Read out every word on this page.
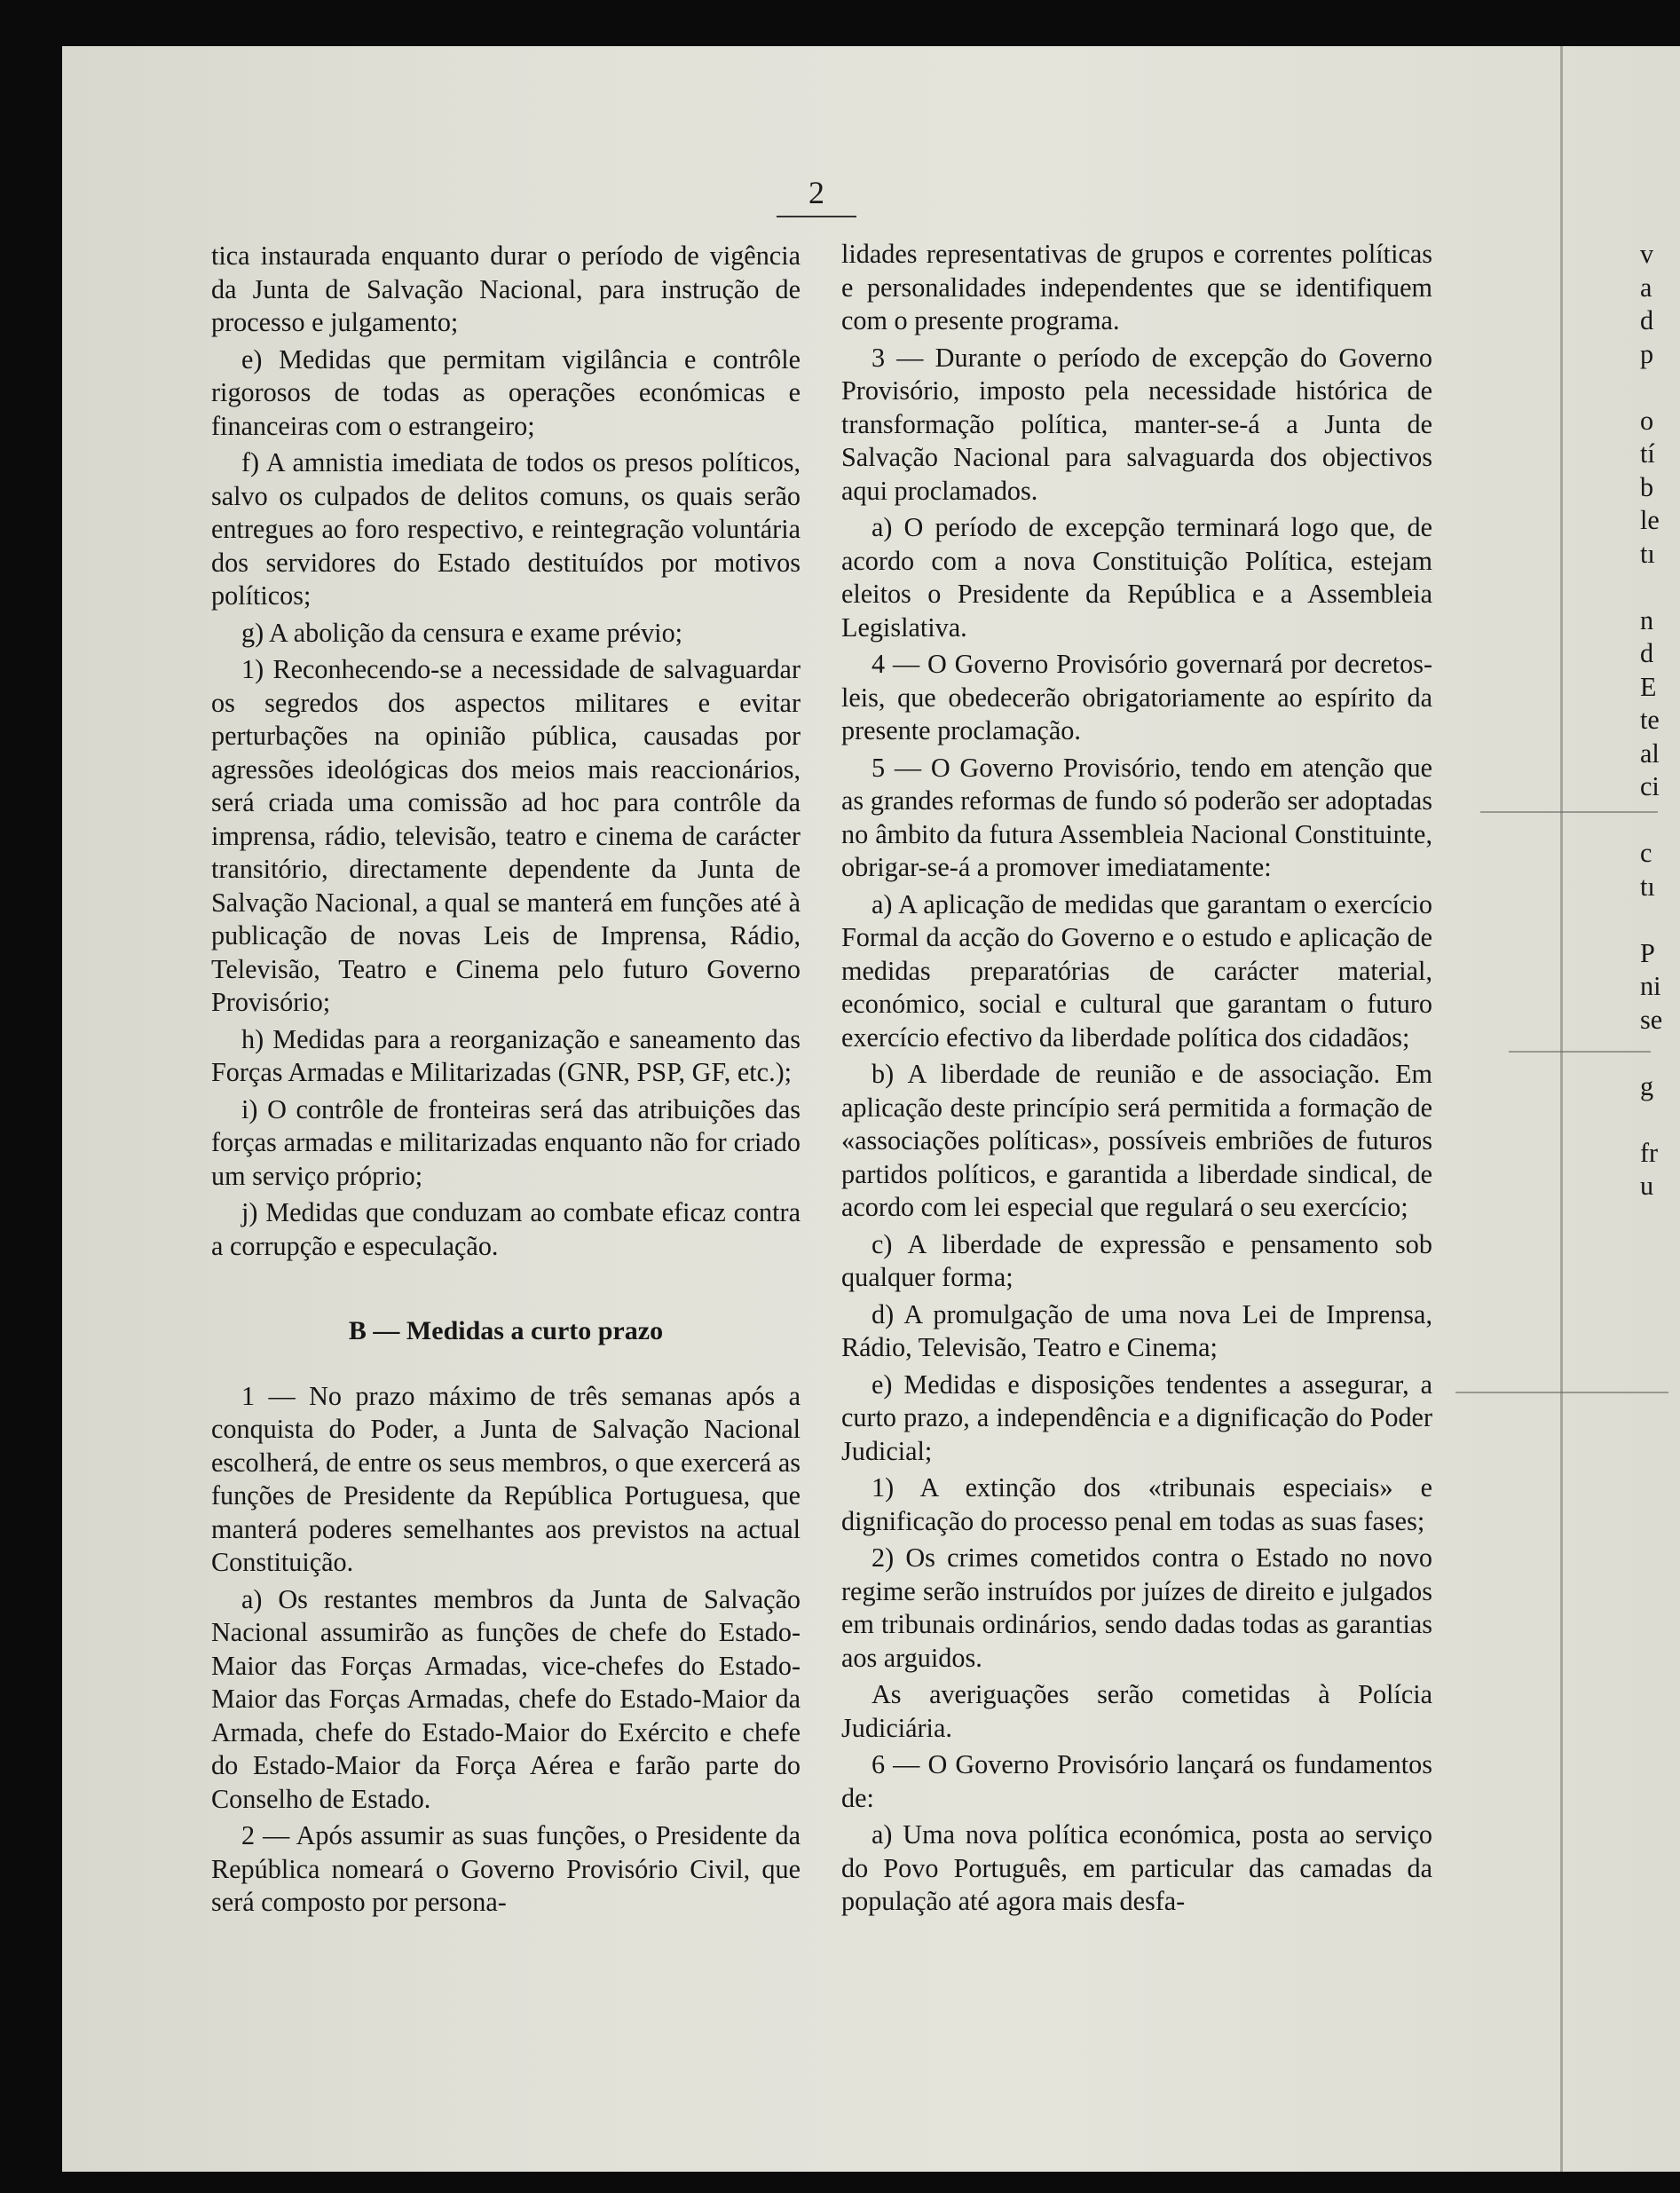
2

tica instaurada enquanto durar o período de vigência da Junta de Salvação Nacional, para instrução de processo e julgamento;

e) Medidas que permitam vigilância e contrôle rigorosos de todas as operações económicas e financeiras com o estrangeiro;

f) A amnistia imediata de todos os presos políticos, salvo os culpados de delitos comuns, os quais serão entregues ao foro respectivo, e reintegração voluntária dos servidores do Estado destituídos por motivos políticos;

g) A abolição da censura e exame prévio;

1) Reconhecendo-se a necessidade de salvaguardar os segredos dos aspectos militares e evitar perturbações na opinião pública, causadas por agressões ideológicas dos meios mais reaccionários, será criada uma comissão ad hoc para contrôle da imprensa, rádio, televisão, teatro e cinema de carácter transitório, directamente dependente da Junta de Salvação Nacional, a qual se manterá em funções até à publicação de novas Leis de Imprensa, Rádio, Televisão, Teatro e Cinema pelo futuro Governo Provisório;

h) Medidas para a reorganização e saneamento das Forças Armadas e Militarizadas (GNR, PSP, GF, etc.);

i) O contrôle de fronteiras será das atribuições das forças armadas e militarizadas enquanto não for criado um serviço próprio;

j) Medidas que conduzam ao combate eficaz contra a corrupção e especulação.

B — Medidas a curto prazo

1 — No prazo máximo de três semanas após a conquista do Poder, a Junta de Salvação Nacional escolherá, de entre os seus membros, o que exercerá as funções de Presidente da República Portuguesa, que manterá poderes semelhantes aos previstos na actual Constituição.

a) Os restantes membros da Junta de Salvação Nacional assumirão as funções de chefe do Estado-Maior das Forças Armadas, vice-chefes do Estado-Maior das Forças Armadas, chefe do Estado-Maior da Armada, chefe do Estado-Maior do Exército e chefe do Estado-Maior da Força Aérea e farão parte do Conselho de Estado.

2 — Após assumir as suas funções, o Presidente da República nomeará o Governo Provisório Civil, que será composto por persona-

lidades representativas de grupos e correntes políticas e personalidades independentes que se identifiquem com o presente programa.

3 — Durante o período de excepção do Governo Provisório, imposto pela necessidade histórica de transformação política, manter-se-á a Junta de Salvação Nacional para salvaguarda dos objectivos aqui proclamados.

a) O período de excepção terminará logo que, de acordo com a nova Constituição Política, estejam eleitos o Presidente da República e a Assembleia Legislativa.

4 — O Governo Provisório governará por decretos-leis, que obedecerão obrigatoriamente ao espírito da presente proclamação.

5 — O Governo Provisório, tendo em atenção que as grandes reformas de fundo só poderão ser adoptadas no âmbito da futura Assembleia Nacional Constituinte, obrigar-se-á a promover imediatamente:

a) A aplicação de medidas que garantam o exercício Formal da acção do Governo e o estudo e aplicação de medidas preparatórias de carácter material, económico, social e cultural que garantam o futuro exercício efectivo da liberdade política dos cidadãos;

b) A liberdade de reunião e de associação. Em aplicação deste princípio será permitida a formação de «associações políticas», possíveis embriões de futuros partidos políticos, e garantida a liberdade sindical, de acordo com lei especial que regulará o seu exercício;

c) A liberdade de expressão e pensamento sob qualquer forma;

d) A promulgação de uma nova Lei de Imprensa, Rádio, Televisão, Teatro e Cinema;

e) Medidas e disposições tendentes a assegurar, a curto prazo, a independência e a dignificação do Poder Judicial;

1) A extinção dos «tribunais especiais» e dignificação do processo penal em todas as suas fases;

2) Os crimes cometidos contra o Estado no novo regime serão instruídos por juízes de direito e julgados em tribunais ordinários, sendo dadas todas as garantias aos arguidos.

As averiguações serão cometidas à Polícia Judiciária.

6 — O Governo Provisório lançará os fundamentos de:

a) Uma nova política económica, posta ao serviço do Povo Português, em particular das camadas da população até agora mais desfa-

v
a
d
p

o
tí
b
le
tı

n
d
E
te
al
ci

c
tı

P
ni
se

g

fr
u
